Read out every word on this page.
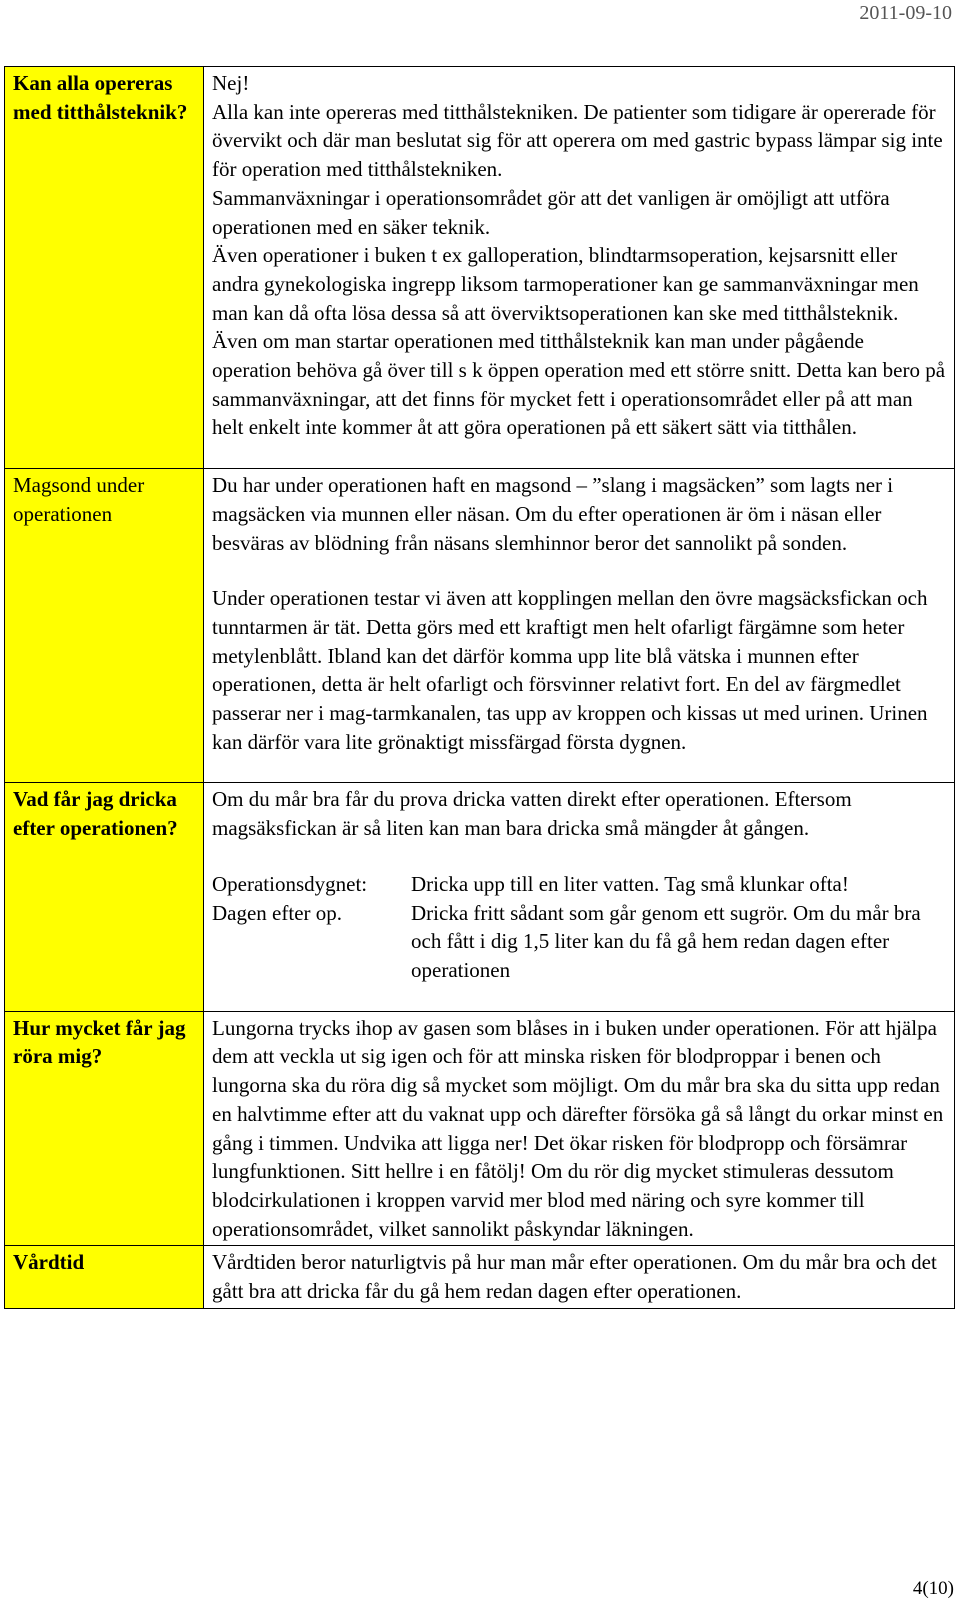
2011-09-10
Kan alla opereras med titthålsteknik?	Nej!

Alla kan inte opereras med titthålstekniken. De patienter som tidigare är opererade för övervikt och där man beslutat sig för att operera om med gastric bypass lämpar sig inte för operation med titthålstekniken.

Sammanväxningar i operationsområdet gör att det vanligen är omöjligt att utföra operationen med en säker teknik.

Även operationer i buken t ex galloperation, blindtarmsoperation, kejsarsnitt eller andra gynekologiska ingrepp liksom tarmoperationer kan ge sammanväxningar men man kan då ofta lösa dessa så att överviktsoperationen kan ske med titthålsteknik.

Även om man startar operationen med titthålsteknik kan man under pågående operation behöva gå över till s k öppen operation med ett större snitt. Detta kan bero på sammanväxningar, att det finns för mycket fett i operationsområdet eller på att man helt enkelt inte kommer åt att göra operationen på ett säkert sätt via titthålen.

Magsond under operationen	Du har under operationen haft en magsond – ”slang i magsäcken” som lagts ner i magsäcken via munnen eller näsan. Om du efter operationen är öm i näsan eller besväras av blödning från näsans slemhinnor beror det sannolikt på sonden.

Under operationen testar vi även att kopplingen mellan den övre magsäcksfickan och tunntarmen är tät. Detta görs med ett kraftigt men helt ofarligt färgämne som heter metylenblått. Ibland kan det därför komma upp lite blå vätska i munnen efter operationen, detta är helt ofarligt och försvinner relativt fort. En del av färgmedlet passerar ner i mag-tarmkanalen, tas upp av kroppen och kissas ut med urinen. Urinen kan därför vara lite grönaktigt missfärgad första dygnen.

Vad får jag dricka efter operationen?	Om du mår bra får du prova dricka vatten direkt efter operationen. Eftersom magsäksfickan är så liten kan man bara dricka små mängder åt gången.

Operationsdygnet: Dricka upp till en liter vatten. Tag små klunkar ofta!
Dagen efter op. Dricka fritt sådant som går genom ett sugrör. Om du mår bra och fått i dig 1,5 liter kan du få gå hem redan dagen efter operationen

Hur mycket får jag röra mig?	Lungorna trycks ihop av gasen som blåses in i buken under operationen. För att hjälpa dem att veckla ut sig igen och för att minska risken för blodproppar i benen och lungorna ska du röra dig så mycket som möjligt. Om du mår bra ska du sitta upp redan en halvtimme efter att du vaknat upp och därefter försöka gå så långt du orkar minst en gång i timmen. Undvika att ligga ner! Det ökar risken för blodpropp och försämrar lungfunktionen. Sitt hellre i en fåtölj! Om du rör dig mycket stimuleras dessutom blodcirkulationen i kroppen varvid mer blod med näring och syre kommer till operationsområdet, vilket sannolikt påskyndar läkningen.

Vårdtid	Vårdtiden beror naturligtvis på hur man mår efter operationen. Om du mår bra och det gått bra att dricka får du gå hem redan dagen efter operationen.

4(10)
